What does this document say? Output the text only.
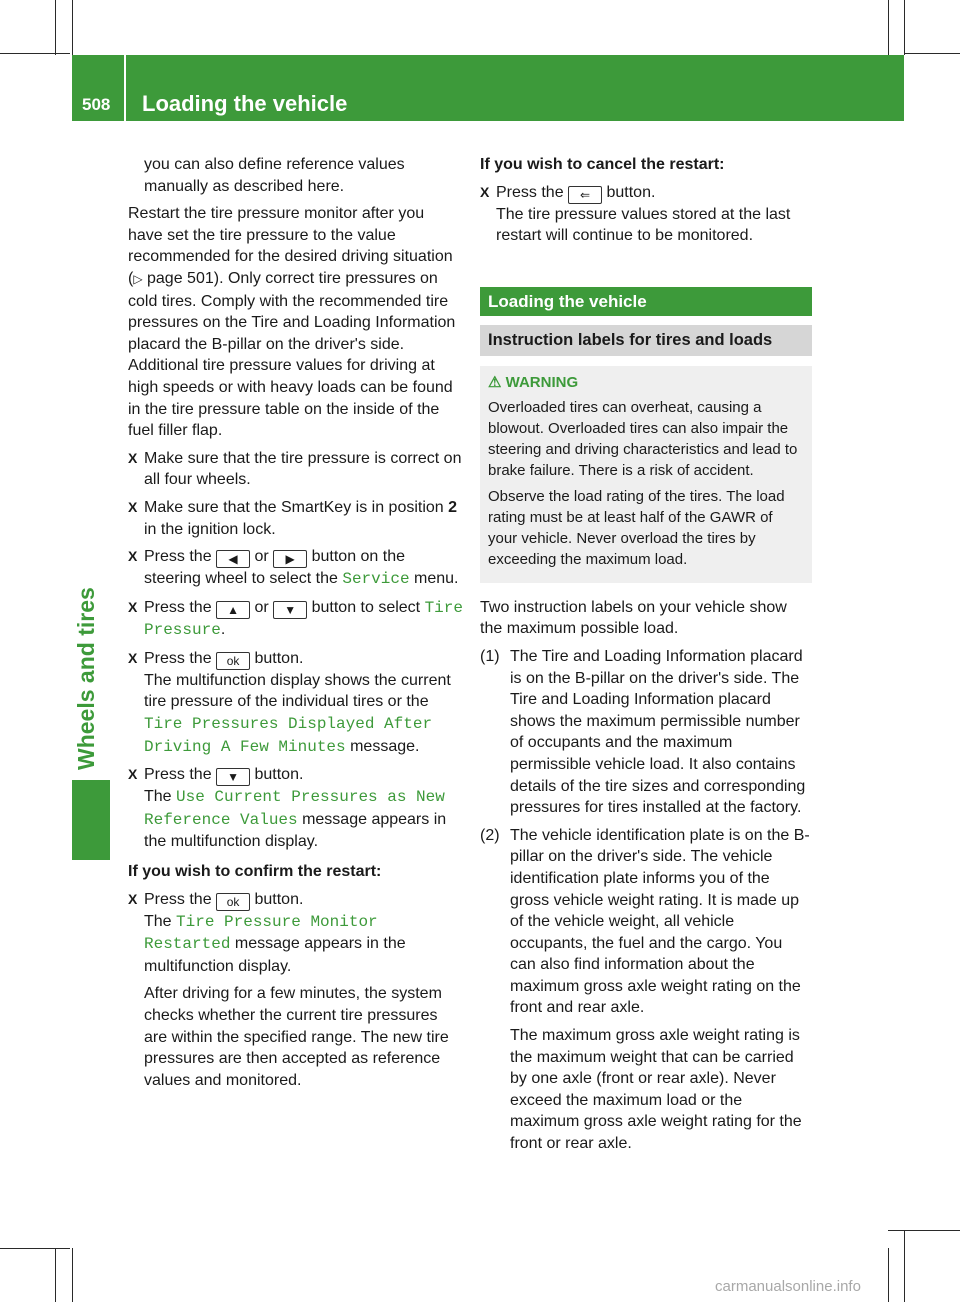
508 Loading the vehicle
Wheels and tires

you can also define reference values manually as described here.

Restart the tire pressure monitor after you have set the tire pressure to the value recommended for the desired driving situation (▷ page 501). Only correct tire pressures on cold tires. Comply with the recommended tire pressures on the Tire and Loading Information placard the B-pillar on the driver's side. Additional tire pressure values for driving at high speeds or with heavy loads can be found in the tire pressure table on the inside of the fuel filler flap.

X Make sure that the tire pressure is correct on all four wheels.
X Make sure that the SmartKey is in position 2 in the ignition lock.
X Press the ◀ or ▶ button on the steering wheel to select the Service menu.
X Press the ▲ or ▼ button to select Tire Pressure.
X Press the ok button.
The multifunction display shows the current tire pressure of the individual tires or the Tire Pressures Displayed After Driving A Few Minutes message.
X Press the ▼ button.
The Use Current Pressures as New Reference Values message appears in the multifunction display.
If you wish to confirm the restart:
X Press the ok button.
The Tire Pressure Monitor Restarted message appears in the multifunction display.
After driving for a few minutes, the system checks whether the current tire pressures are within the specified range. The new tire pressures are then accepted as reference values and monitored.
If you wish to cancel the restart:
X Press the ⇐ button.
The tire pressure values stored at the last restart will continue to be monitored.
Loading the vehicle
Instruction labels for tires and loads
⚠ WARNING

Overloaded tires can overheat, causing a blowout. Overloaded tires can also impair the steering and driving characteristics and lead to brake failure. There is a risk of accident.

Observe the load rating of the tires. The load rating must be at least half of the GAWR of your vehicle. Never overload the tires by exceeding the maximum load.

Two instruction labels on your vehicle show the maximum possible load.

(1) The Tire and Loading Information placard is on the B-pillar on the driver's side. The Tire and Loading Information placard shows the maximum permissible number of occupants and the maximum permissible vehicle load. It also contains details of the tire sizes and corresponding pressures for tires installed at the factory.
(2) The vehicle identification plate is on the B-pillar on the driver's side. The vehicle identification plate informs you of the gross vehicle weight rating. It is made up of the vehicle weight, all vehicle occupants, the fuel and the cargo. You can also find information about the maximum gross axle weight rating on the front and rear axle.
The maximum gross axle weight rating is the maximum weight that can be carried by one axle (front or rear axle). Never exceed the maximum load or the maximum gross axle weight rating for the front or rear axle.
carmanualsonline.info
